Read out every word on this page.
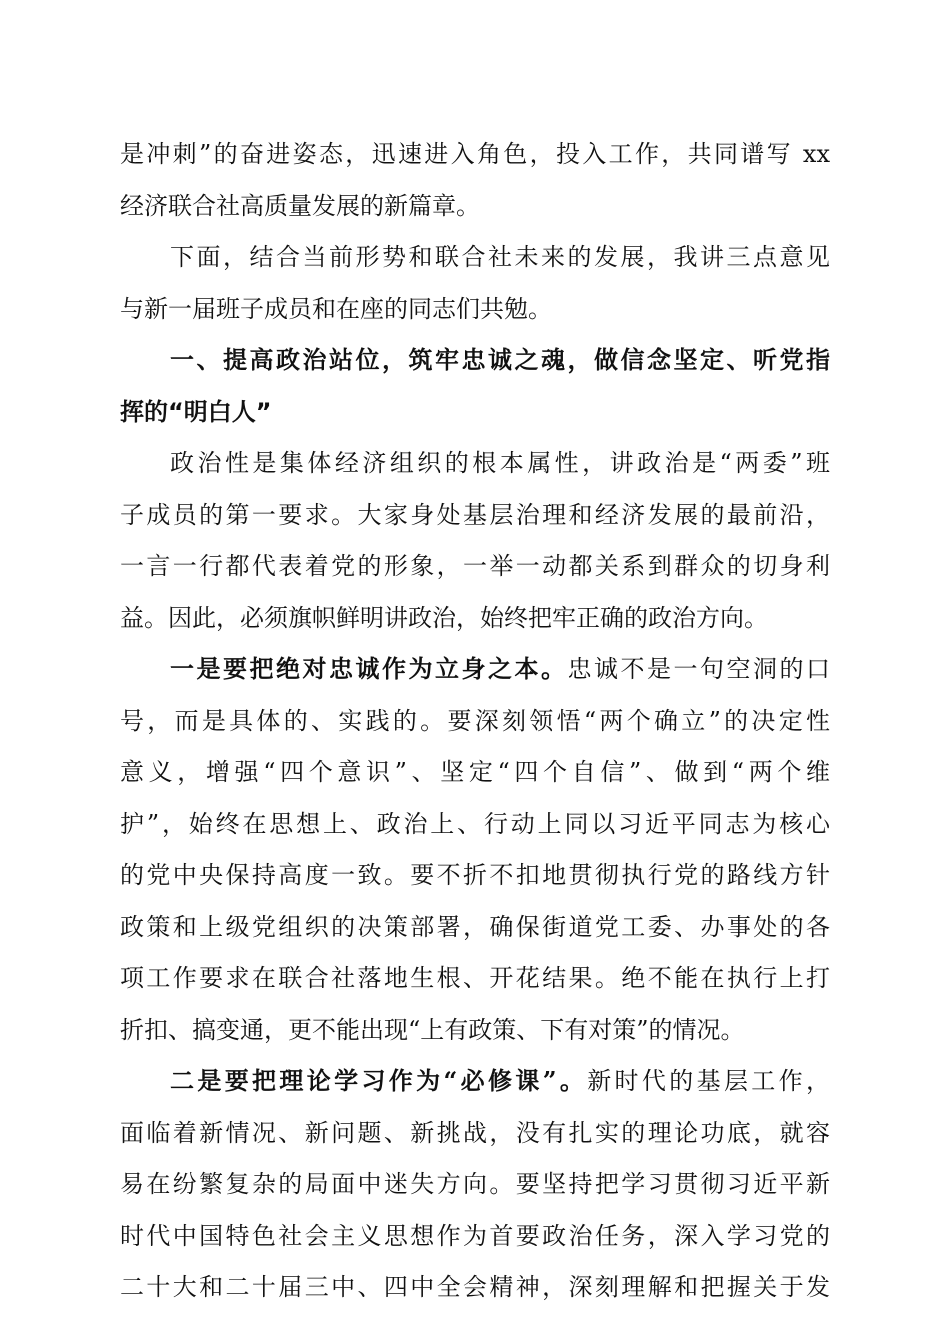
是冲刺”的奋进姿态，迅速进入角色，投入工作，共同谱写 xx
经济联合社高质量发展的新篇章。
下面，结合当前形势和联合社未来的发展，我讲三点意见
与新一届班子成员和在座的同志们共勉。
一、提高政治站位，筑牢忠诚之魂，做信念坚定、听党指
挥的“明白人”
政治性是集体经济组织的根本属性，讲政治是“两委”班
子成员的第一要求。大家身处基层治理和经济发展的最前沿，
一言一行都代表着党的形象，一举一动都关系到群众的切身利
益。因此，必须旗帜鲜明讲政治，始终把牢正确的政治方向。
一是要把绝对忠诚作为立身之本。忠诚不是一句空洞的口
号，而是具体的、实践的。要深刻领悟“两个确立”的决定性
意义，增强“四个意识”、坚定“四个自信”、做到“两个维
护”，始终在思想上、政治上、行动上同以习近平同志为核心
的党中央保持高度一致。要不折不扣地贯彻执行党的路线方针
政策和上级党组织的决策部署，确保街道党工委、办事处的各
项工作要求在联合社落地生根、开花结果。绝不能在执行上打
折扣、搞变通，更不能出现“上有政策、下有对策”的情况。
二是要把理论学习作为“必修课”。新时代的基层工作，
面临着新情况、新问题、新挑战，没有扎实的理论功底，就容
易在纷繁复杂的局面中迷失方向。要坚持把学习贯彻习近平新
时代中国特色社会主义思想作为首要政治任务，深入学习党的
二十大和二十届三中、四中全会精神，深刻理解和把握关于发
